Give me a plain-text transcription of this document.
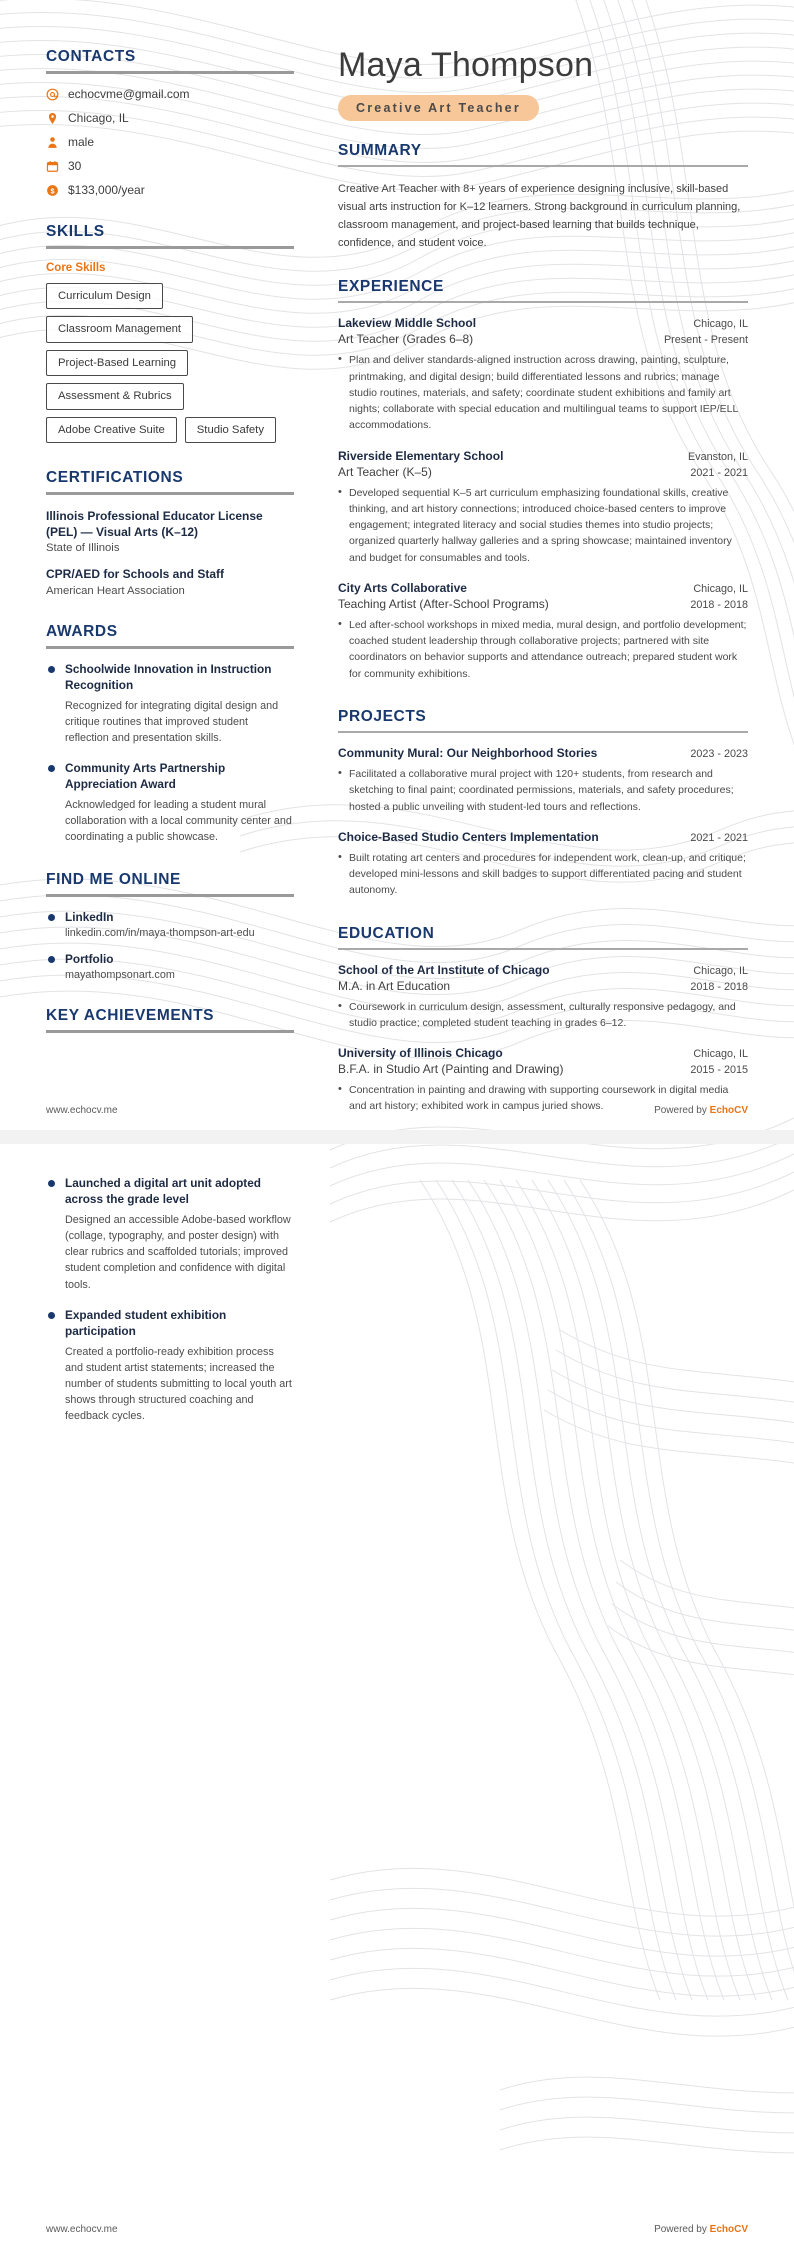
CONTACTS
echocvme@gmail.com
Chicago, IL
male
30
$ $133,000/year
SKILLS
Core Skills
Curriculum Design
Classroom Management
Project-Based Learning
Assessment & Rubrics
Adobe Creative Suite	Studio Safety
CERTIFICATIONS
Illinois Professional Educator License (PEL) — Visual Arts (K–12)
State of Illinois
CPR/AED for Schools and Staff
American Heart Association
AWARDS
Schoolwide Innovation in Instruction Recognition
Recognized for integrating digital design and critique routines that improved student reflection and presentation skills.
Community Arts Partnership Appreciation Award
Acknowledged for leading a student mural collaboration with a local community center and coordinating a public showcase.
FIND ME ONLINE
LinkedIn
linkedin.com/in/maya-thompson-art-edu
Portfolio
mayathompsonart.com
KEY ACHIEVEMENTS
Maya Thompson
Creative Art Teacher
SUMMARY
Creative Art Teacher with 8+ years of experience designing inclusive, skill-based visual arts instruction for K–12 learners. Strong background in curriculum planning, classroom management, and project-based learning that builds technique, confidence, and student voice.
EXPERIENCE
Lakeview Middle School	Chicago, IL
Art Teacher (Grades 6–8)	Present - Present
• Plan and deliver standards-aligned instruction across drawing, painting, sculpture, printmaking, and digital design; build differentiated lessons and rubrics; manage studio routines, materials, and safety; coordinate student exhibitions and family art nights; collaborate with special education and multilingual teams to support IEP/ELL accommodations.
Riverside Elementary School	Evanston, IL
Art Teacher (K–5)	2021 - 2021
• Developed sequential K–5 art curriculum emphasizing foundational skills, creative thinking, and art history connections; introduced choice-based centers to improve engagement; integrated literacy and social studies themes into studio projects; organized quarterly hallway galleries and a spring showcase; maintained inventory and budget for consumables and tools.
City Arts Collaborative	Chicago, IL
Teaching Artist (After-School Programs)	2018 - 2018
• Led after-school workshops in mixed media, mural design, and portfolio development; coached student leadership through collaborative projects; partnered with site coordinators on behavior supports and attendance outreach; prepared student work for community exhibitions.
PROJECTS
Community Mural: Our Neighborhood Stories	2023 - 2023
• Facilitated a collaborative mural project with 120+ students, from research and sketching to final paint; coordinated permissions, materials, and safety procedures; hosted a public unveiling with student-led tours and reflections.
Choice-Based Studio Centers Implementation	2021 - 2021
• Built rotating art centers and procedures for independent work, clean-up, and critique; developed mini-lessons and skill badges to support differentiated pacing and student autonomy.
EDUCATION
School of the Art Institute of Chicago	Chicago, IL
M.A. in Art Education	2018 - 2018
• Coursework in curriculum design, assessment, culturally responsive pedagogy, and studio practice; completed student teaching in grades 6–12.
University of Illinois Chicago	Chicago, IL
B.F.A. in Studio Art (Painting and Drawing)	2015 - 2015
• Concentration in painting and drawing with supporting coursework in digital media and art history; exhibited work in campus juried shows.
www.echocv.me	Powered by EchoCV
Launched a digital art unit adopted across the grade level
Designed an accessible Adobe-based workflow (collage, typography, and poster design) with clear rubrics and scaffolded tutorials; improved student completion and confidence with digital tools.
Expanded student exhibition participation
Created a portfolio-ready exhibition process and student artist statements; increased the number of students submitting to local youth art shows through structured coaching and feedback cycles.
www.echocv.me	Powered by EchoCV
